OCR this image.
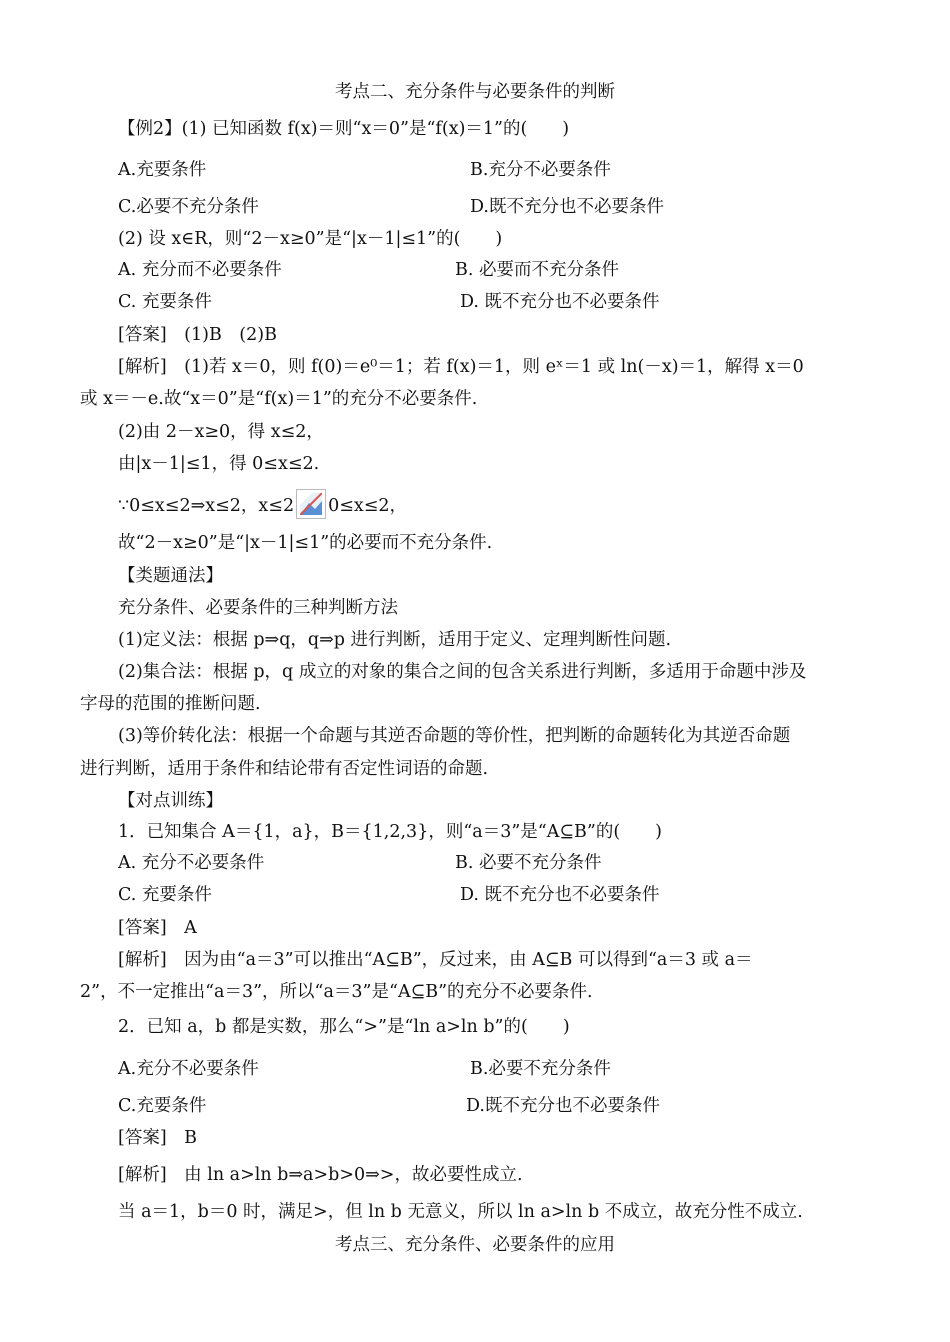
考点二、充分条件与必要条件的判断
【例2】(1) 已知函数 f(x)＝则“x＝0”是“f(x)＝1”的(　　)
A.充要条件	B.充分不必要条件
C.必要不充分条件	D.既不充分也不必要条件
(2) 设 x∈R，则“2－x≥0”是“|x－1|≤1”的(　　)
A. 充分而不必要条件	B. 必要而不充分条件
C. 充要条件	D. 既不充分也不必要条件
[答案]　(1)B　(2)B
[解析]　(1)若 x＝0，则 f(0)＝e⁰＝1；若 f(x)＝1，则 eˣ＝1 或 ln(－x)＝1，解得 x＝0
或 x＝－e.故“x＝0”是“f(x)＝1”的充分不必要条件.
(2)由 2－x≥0，得 x≤2，
由|x－1|≤1，得 0≤x≤2.
∵0≤x≤2⇒x≤2，x≤2 0≤x≤2，
故“2－x≥0”是“|x－1|≤1”的必要而不充分条件.
【类题通法】
充分条件、必要条件的三种判断方法
(1)定义法：根据 p⇒q，q⇒p 进行判断，适用于定义、定理判断性问题.
(2)集合法：根据 p，q 成立的对象的集合之间的包含关系进行判断，多适用于命题中涉及
字母的范围的推断问题.
(3)等价转化法：根据一个命题与其逆否命题的等价性，把判断的命题转化为其逆否命题
进行判断，适用于条件和结论带有否定性词语的命题.
【对点训练】
1．已知集合 A＝{1，a}，B＝{1,2,3}，则“a＝3”是“A⊆B”的(　　)
A. 充分不必要条件	B. 必要不充分条件
C. 充要条件	D. 既不充分也不必要条件
[答案]　A
[解析]　因为由“a＝3”可以推出“A⊆B”，反过来，由 A⊆B 可以得到“a＝3 或 a＝
2”，不一定推出“a＝3”，所以“a＝3”是“A⊆B”的充分不必要条件.
2．已知 a，b 都是实数，那么“>”是“ln a>ln b”的(　　)
A.充分不必要条件	B.必要不充分条件
C.充要条件	D.既不充分也不必要条件
[答案]　B
[解析]　由 ln a>ln b⇒a>b>0⇒>，故必要性成立.
当 a＝1，b＝0 时，满足>，但 ln b 无意义，所以 ln a>ln b 不成立，故充分性不成立.
考点三、充分条件、必要条件的应用
